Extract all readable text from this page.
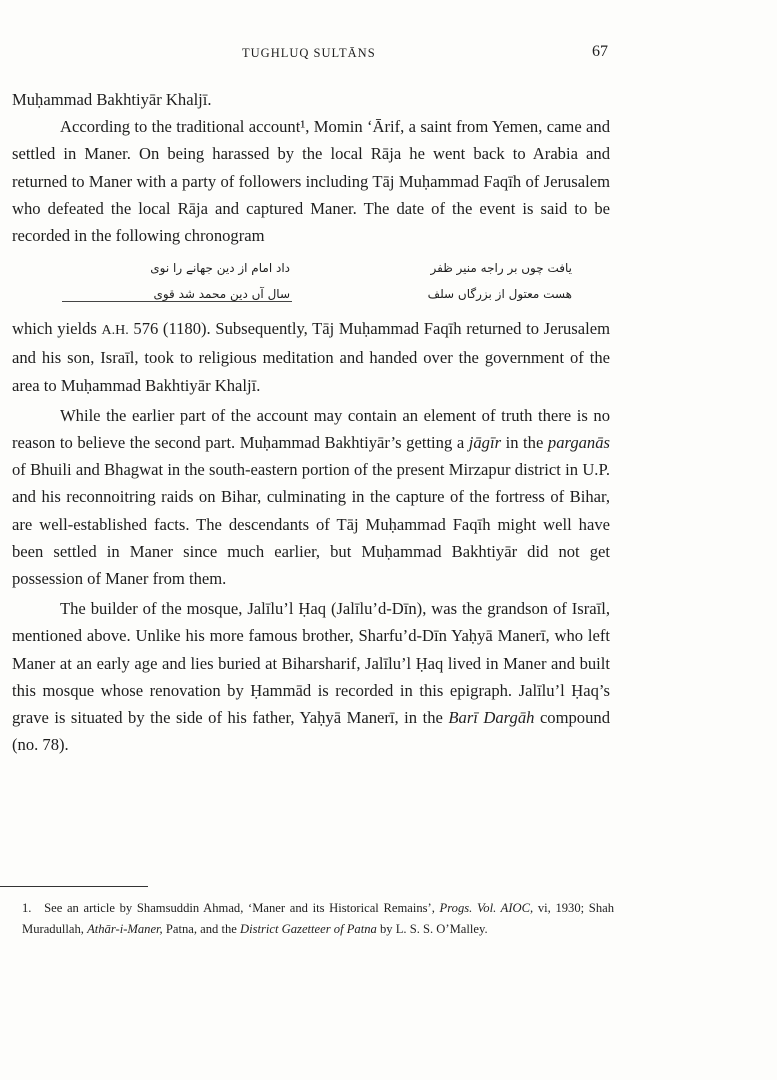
TUGHLUQ SULTĀNS	67

Muḥammad Bakhtiyār Khaljī.

According to the traditional account¹, Momin ‘Ārif, a saint from Yemen, came and settled in Maner. On being harassed by the local Rāja he went back to Arabia and returned to Maner with a party of followers including Tāj Muḥammad Faqīh of Jerusalem who defeated the local Rāja and captured Maner. The date of the event is said to be recorded in the following chronogram

داد امام از دین جهانے را نوی
سال آں دین محمد شد قوی
یافت چوں بر راجه منیر ظفر
هست معتول از بزرگاں سلف

which yields A.H. 576 (1180). Subsequently, Tāj Muḥammad Faqīh returned to Jerusalem and his son, Israīl, took to religious meditation and handed over the government of the area to Muḥammad Bakhtiyār Khaljī.

While the earlier part of the account may contain an element of truth there is no reason to believe the second part. Muḥammad Bakhtiyār’s getting a jāgīr in the parganās of Bhuili and Bhagwat in the south-eastern portion of the present Mirzapur district in U.P. and his reconnoitring raids on Bihar, culminating in the capture of the fortress of Bihar, are well-established facts. The descendants of Tāj Muḥammad Faqīh might well have been settled in Maner since much earlier, but Muḥammad Bakhtiyār did not get possession of Maner from them.

The builder of the mosque, Jalīlu’l Ḥaq (Jalīlu’d-Dīn), was the grandson of Israīl, mentioned above. Unlike his more famous brother, Sharfu’d-Dīn Yaḥyā Manerī, who left Maner at an early age and lies buried at Biharsharif, Jalīlu’l Ḥaq lived in Maner and built this mosque whose renovation by Ḥammād is recorded in this epigraph. Jalīlu’l Ḥaq’s grave is situated by the side of his father, Yaḥyā Manerī, in the Barī Dargāh compound (no. 78).

1. See an article by Shamsuddin Ahmad, ‘Maner and its Historical Remains’, Progs. Vol. AIOC, vi, 1930; Shah Muradullah, Athār-i-Maner, Patna, and the District Gazetteer of Patna by L. S. S. O’Malley.
